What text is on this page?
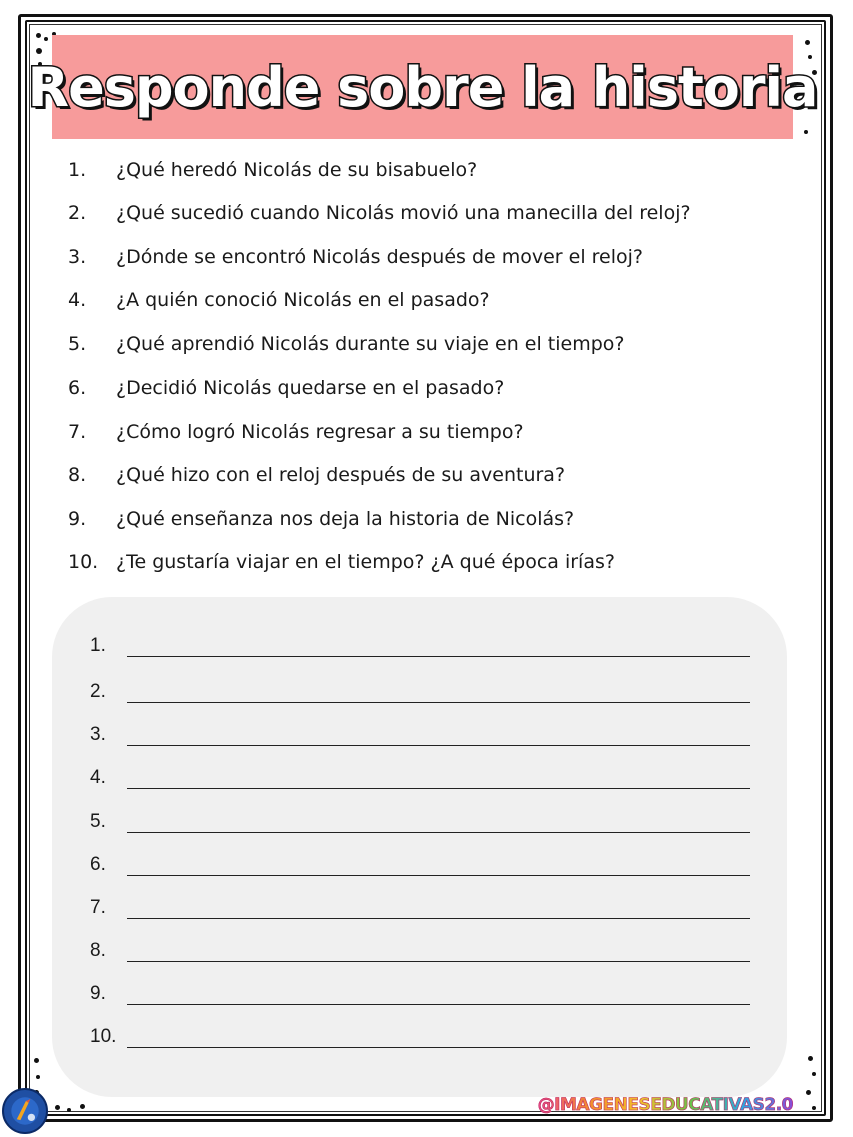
Responde sobre la historia
1.	¿Qué heredó Nicolás de su bisabuelo?
2.	¿Qué sucedió cuando Nicolás movió una manecilla del reloj?
3.	¿Dónde se encontró Nicolás después de mover el reloj?
4.	¿A quién conoció Nicolás en el pasado?
5.	¿Qué aprendió Nicolás durante su viaje en el tiempo?
6.	¿Decidió Nicolás quedarse en el pasado?
7.	¿Cómo logró Nicolás regresar a su tiempo?
8.	¿Qué hizo con el reloj después de su aventura?
9.	¿Qué enseñanza nos deja la historia de Nicolás?
10. ¿Te gustaría viajar en el tiempo? ¿A qué época irías?
1.
2.
3.
4.
5.
6.
7.
8.
9.
10.
@IMAGENESEDUCATIVAS2.0
